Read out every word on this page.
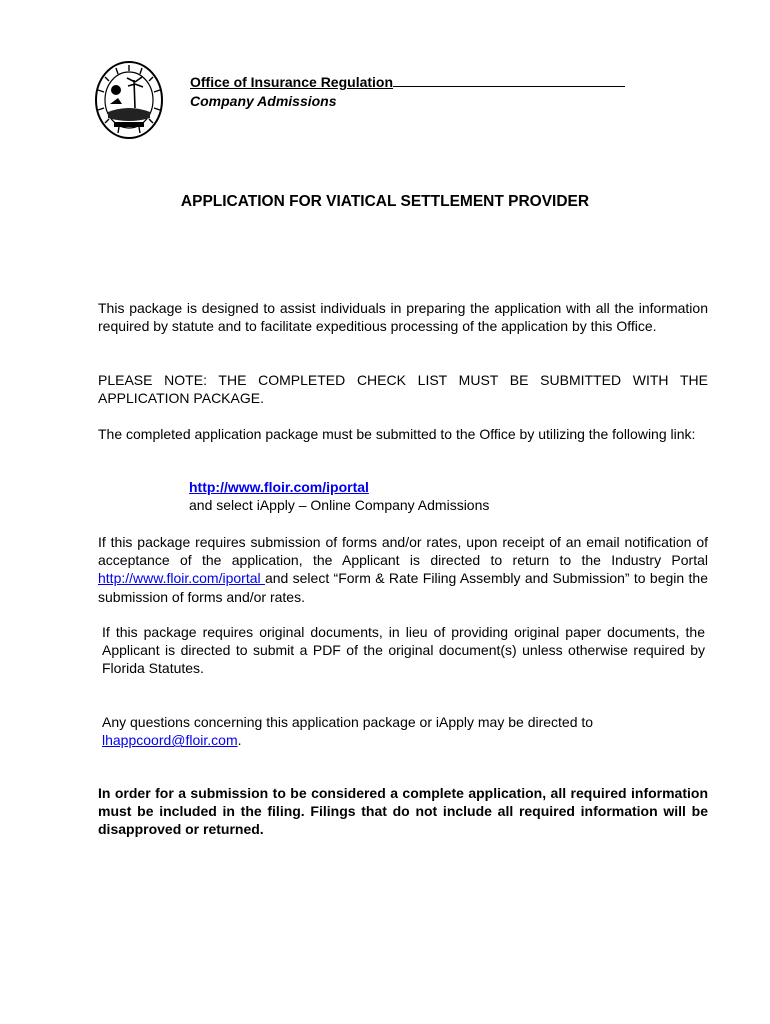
Office of Insurance Regulation
Company Admissions
APPLICATION FOR VIATICAL SETTLEMENT PROVIDER
This package is designed to assist individuals in preparing the application with all the information required by statute and to facilitate expeditious processing of the application by this Office.
PLEASE NOTE: THE COMPLETED CHECK LIST MUST BE SUBMITTED WITH THE APPLICATION PACKAGE.
The completed application package must be submitted to the Office by utilizing the following link:
http://www.floir.com/iportal
and select iApply – Online Company Admissions
If this package requires submission of forms and/or rates, upon receipt of an email notification of acceptance of the application, the Applicant is directed to return to the Industry Portal http://www.floir.com/iportal and select “Form & Rate Filing Assembly and Submission” to begin the submission of forms and/or rates.
If this package requires original documents, in lieu of providing original paper documents, the Applicant is directed to submit a PDF of the original document(s) unless otherwise required by Florida Statutes.
Any questions concerning this application package or iApply may be directed to
lhappcoord@floir.com.
In order for a submission to be considered a complete application, all required information must be included in the filing. Filings that do not include all required information will be disapproved or returned.
